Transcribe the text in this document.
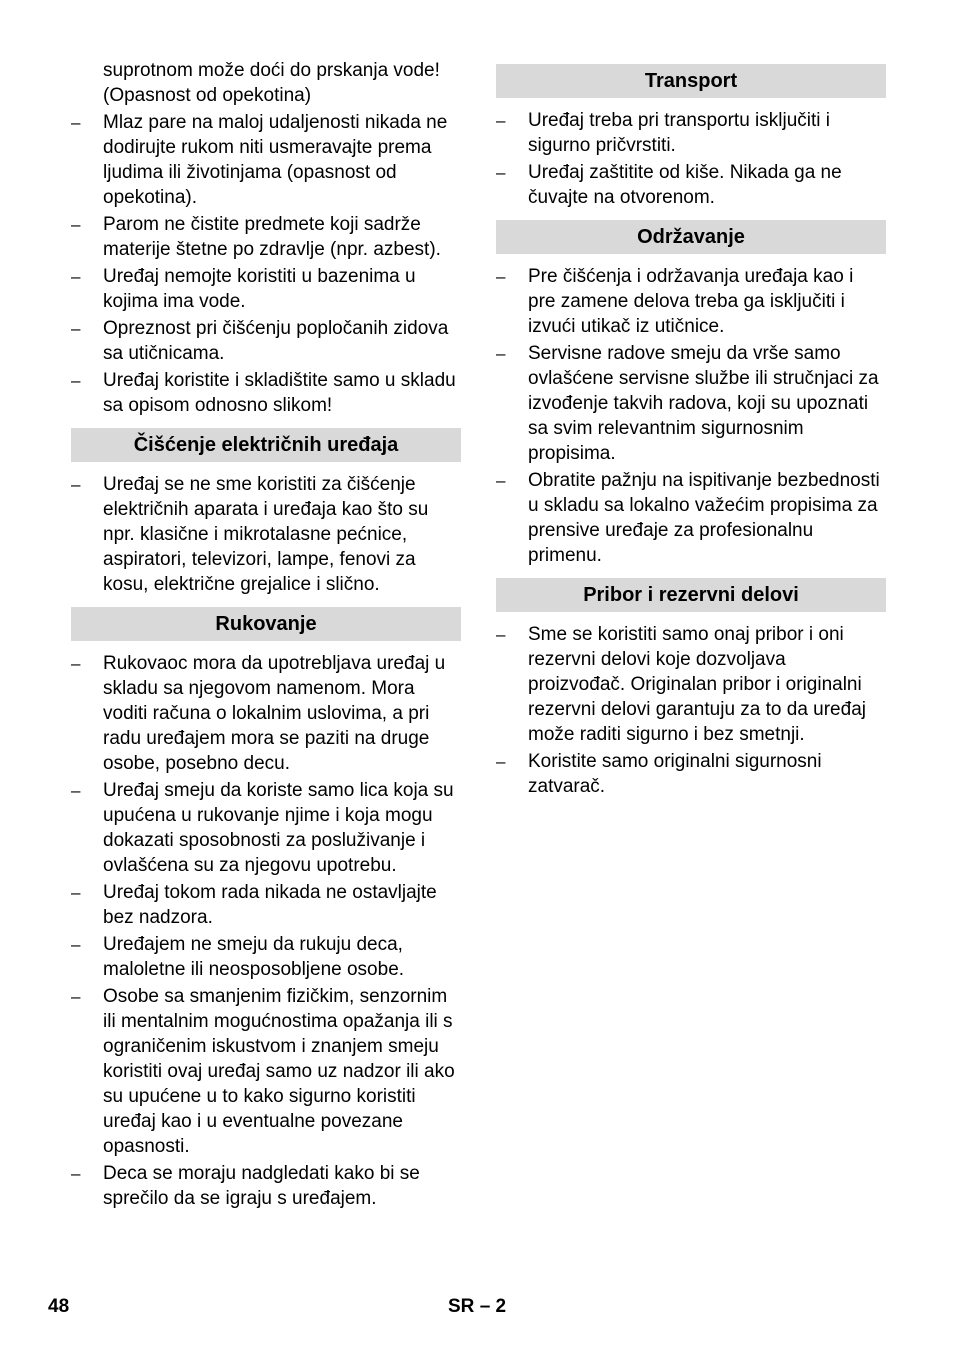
suprotnom može doći do prskanja vode! (Opasnost od opekotina)

– Mlaz pare na maloj udaljenosti nikada ne dodirujte rukom niti usmeravajte prema ljudima ili životinjama (opasnost od opekotina).
– Parom ne čistite predmete koji sadrže materije štetne po zdravlje (npr. azbest).
– Uređaj nemojte koristiti u bazenima u kojima ima vode.
– Opreznost pri čišćenju popločanih zidova sa utičnicama.
– Uređaj koristite i skladištite samo u skladu sa opisom odnosno slikom!
Čišćenje električnih uređaja
– Uređaj se ne sme koristiti za čišćenje električnih aparata i uređaja kao što su npr. klasične i mikrotalasne pećnice, aspiratori, televizori, lampe, fenovi za kosu, električne grejalice i slično.
Rukovanje
– Rukovaoc mora da upotrebljava uređaj u skladu sa njegovom namenom. Mora voditi računa o lokalnim uslovima, a pri radu uređajem mora se paziti na druge osobe, posebno decu.
– Uređaj smeju da koriste samo lica koja su upućena u rukovanje njime i koja mogu dokazati sposobnosti za posluživanje i ovlašćena su za njegovu upotrebu.
– Uređaj tokom rada nikada ne ostavljajte bez nadzora.
– Uređajem ne smeju da rukuju deca, maloletne ili neosposobljene osobe.
– Osobe sa smanjenim fizičkim, senzornim ili mentalnim mogućnostima opažanja ili s ograničenim iskustvom i znanjem smeju koristiti ovaj uređaj samo uz nadzor ili ako su upućene u to kako sigurno koristiti uređaj kao i u eventualne povezane opasnosti.
– Deca se moraju nadgledati kako bi se sprečilo da se igraju s uređajem.
Transport
– Uređaj treba pri transportu isključiti i sigurno pričvrstiti.
– Uređaj zaštitite od kiše. Nikada ga ne čuvajte na otvorenom.
Održavanje
– Pre čišćenja i održavanja uređaja kao i pre zamene delova treba ga isključiti i izvući utikač iz utičnice.
– Servisne radove smeju da vrše samo ovlašćene servisne službe ili stručnjaci za izvođenje takvih radova, koji su upoznati sa svim relevantnim sigurnosnim propisima.
– Obratite pažnju na ispitivanje bezbednosti u skladu sa lokalno važećim propisima za prensive uređaje za profesionalnu primenu.
Pribor i rezervni delovi
– Sme se koristiti samo onaj pribor i oni rezervni delovi koje dozvoljava proizvođač. Originalan pribor i originalni rezervni delovi garantuju za to da uređaj može raditi sigurno i bez smetnji.
– Koristite samo originalni sigurnosni zatvarač.
48	SR – 2
